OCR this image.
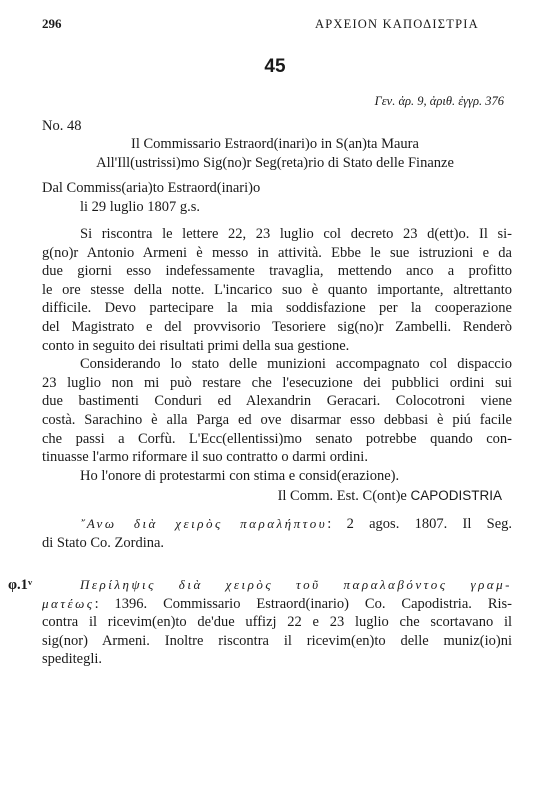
296	ΑΡΧΕΙΟΝ ΚΑΠΟΔΙΣΤΡΙΑ
45
Γεν. ἀρ. 9, ἀριθ. ἐγγρ. 376
No. 48
Il Commissario Estraord(inari)o in S(an)ta Maura
All'Ill(ustrissi)mo Sig(no)r Seg(reta)rio di Stato delle Finanze
Dal Commiss(aria)to Estraord(inari)o
li 29 luglio 1807 g.s.
Si riscontra le lettere 22, 23 luglio col decreto 23 d(ett)o. Il si-
g(no)r Antonio Armeni è messo in attività. Ebbe le sue istruzioni e da
due giorni esso indefessamente travaglia, mettendo anco a profitto
le ore stesse della notte. L'incarico suo è quanto importante, altrettanto
difficile. Devo partecipare la mia soddisfazione per la cooperazione
del Magistrato e del provvisorio Tesoriere sig(no)r Zambelli. Renderò
conto in seguito dei risultati primi della sua gestione.
Considerando lo stato delle munizioni accompagnato col dispaccio
23 luglio non mi può restare che l'esecuzione dei pubblici ordini sui
due bastimenti Conduri ed Alexandrin Geracari. Colocotroni viene
costà. Sarachino è alla Parga ed ove disarmar esso debbasi è piú facile
che passi a Corfù. L'Ecc(ellentissi)mo senato potrebbe quando con-
tinuasse l'armo riformare il suo contratto o darmi ordini.
Ho l'onore di protestarmi con stima e consid(erazione).
Il Comm. Est. C(ont)e CAPODISTRIA
῎Ανω διὰ χειρὸς παραλήπτου: 2 agos. 1807. Il Seg.
di Stato Co. Zordina.
φ.1ᵛ	Περίληψις διὰ χειρὸς τοῦ παραλαβόντος γραμ-
ματέως: 1396. Commissario Estraord(inario) Co. Capodistria. Ris-
contra il ricevim(en)to de'due uffizj 22 e 23 luglio che scortavano il
sig(nor) Armeni. Inoltre riscontra il ricevim(en)to delle muniz(io)ni
speditegli.
